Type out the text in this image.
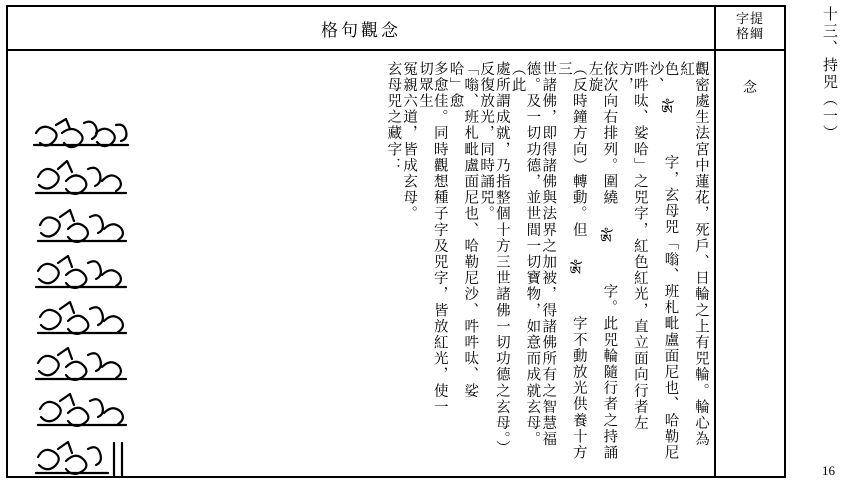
十三、持兕（一）
16
格句觀念
字提
格綱
觀密處生法宮中蓮花，死戶、日輪之上有兕輪。輪心為紅
色 ཨོཾ 字，玄母兕「嗡、班札毗盧面尼也、哈勒尼沙、
吽吽呔、娑哈」之兕字，紅色紅光，直立面向行者左方，
依次向右排列。圍繞 ཨོཾ 字。此兕輪隨行者之持誦左旋
（反時鐘方向）轉動。但 ཨོཾ 字不動放光供養十方三
世諸佛，即得諸佛與法界之加被，得諸佛所有之智慧福
德。及一切功德，並世間一切寶物，如意而成就玄母。（此
處所謂成就，乃指整個十方三世諸佛一切功德之玄母。）
反復放光，同時誦兕。
「嗡、班札毗盧面尼也、哈勒尼沙、吽吽呔、娑哈」愈
多愈佳。同時觀想種子字及兕字，皆放紅光，使一切眾生
冤親六道，皆成玄母。
玄母兕之藏字：	念
